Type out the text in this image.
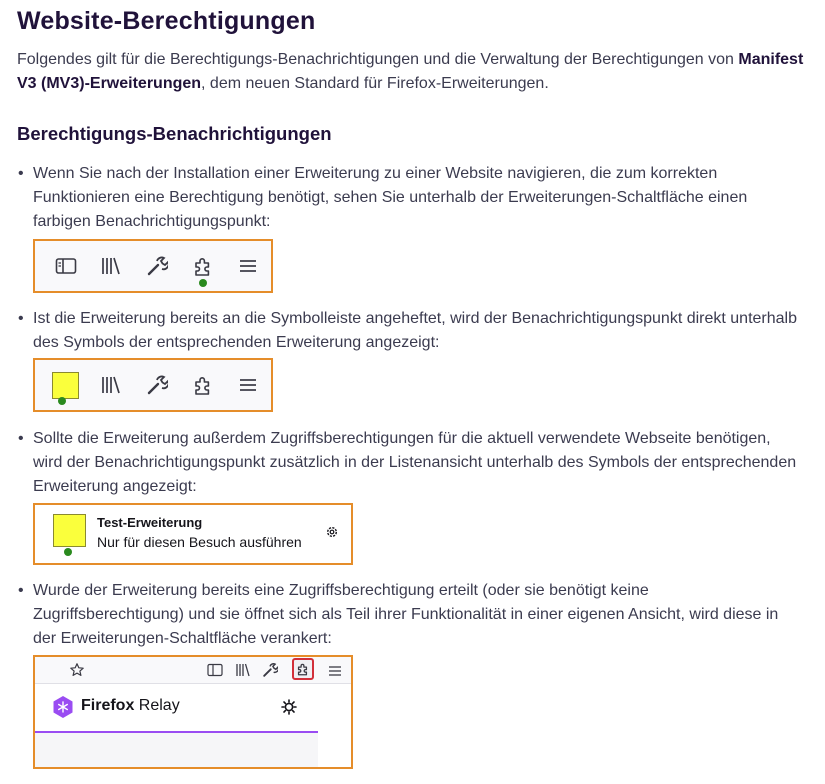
Website-Berechtigungen

Folgendes gilt für die Berechtigungs-Benachrichtigungen und die Verwaltung der Berechtigungen von Manifest V3 (MV3)-Erweiterungen, dem neuen Standard für Firefox-Erweiterungen.

Berechtigungs-Benachrichtigungen

• Wenn Sie nach der Installation einer Erweiterung zu einer Website navigieren, die zum korrekten Funktionieren eine Berechtigung benötigt, sehen Sie unterhalb der Erweiterungen-Schaltfläche einen farbigen Benachrichtigungspunkt:

• Ist die Erweiterung bereits an die Symbolleiste angeheftet, wird der Benachrichtigungspunkt direkt unterhalb des Symbols der entsprechenden Erweiterung angezeigt:

• Sollte die Erweiterung außerdem Zugriffsberechtigungen für die aktuell verwendete Webseite benötigen, wird der Benachrichtigungspunkt zusätzlich in der Listenansicht unterhalb des Symbols der entsprechenden Erweiterung angezeigt:

Test-Erweiterung
Nur für diesen Besuch ausführen

• Wurde der Erweiterung bereits eine Zugriffsberechtigung erteilt (oder sie benötigt keine Zugriffsberechtigung) und sie öffnet sich als Teil ihrer Funktionalität in einer eigenen Ansicht, wird diese in der Erweiterungen-Schaltfläche verankert:

Firefox Relay
